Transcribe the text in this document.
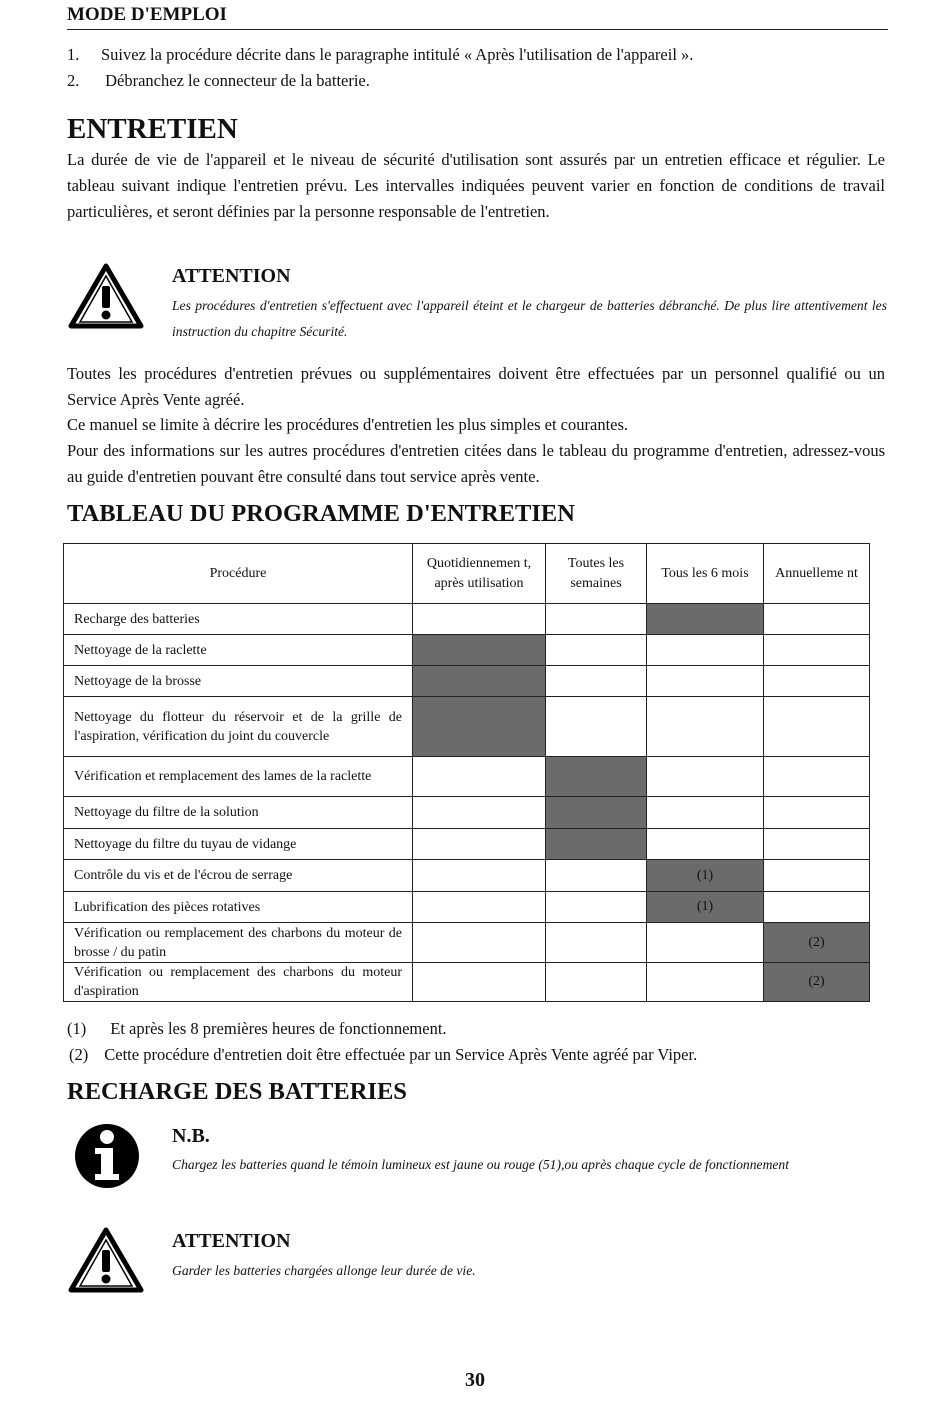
MODE D'EMPLOI
1. Suivez la procédure décrite dans le paragraphe intitulé « Après l'utilisation de l'appareil ».
2. Débranchez le connecteur de la batterie.
ENTRETIEN
La durée de vie de l'appareil et le niveau de sécurité d'utilisation sont assurés par un entretien efficace et régulier. Le tableau suivant indique l'entretien prévu. Les intervalles indiquées peuvent varier en fonction de conditions de travail particulières, et seront définies par la personne responsable de l'entretien.
ATTENTION
Les procédures d'entretien s'effectuent avec l'appareil éteint et le chargeur de batteries débranché. De plus lire attentivement les instruction du chapitre Sécurité.
Toutes les procédures d'entretien prévues ou supplémentaires doivent être effectuées par un personnel qualifié ou un Service Après Vente agréé.
Ce manuel se limite à décrire les procédures d'entretien les plus simples et courantes.
Pour des informations sur les autres procédures d'entretien citées dans le tableau du programme d'entretien, adressez-vous au guide d'entretien pouvant être consulté dans tout service après vente.
TABLEAU DU PROGRAMME D'ENTRETIEN
Procédure	Quotidiennemen t, après utilisation	Toutes les semaines	Tous les 6 mois	Annuelleme nt
Recharge des batteries				
Nettoyage de la raclette				
Nettoyage de la brosse				
Nettoyage du flotteur du réservoir et de la grille de l'aspiration, vérification du joint du couvercle				
Vérification et remplacement des lames de la raclette				
Nettoyage du filtre de la solution				
Nettoyage du filtre du tuyau de vidange				
Contrôle du vis et de l'écrou de serrage			(1)	
Lubrification des pièces rotatives			(1)	
Vérification ou remplacement des charbons du moteur de brosse / du patin				(2)
Vérification ou remplacement des charbons du moteur d'aspiration				(2)
(1) Et après les 8 premières heures de fonctionnement.
(2) Cette procédure d'entretien doit être effectuée par un Service Après Vente agréé par Viper.
RECHARGE DES BATTERIES
N.B.
Chargez les batteries quand le témoin lumineux est jaune ou rouge (51),ou après chaque cycle de fonctionnement
ATTENTION
Garder les batteries chargées allonge leur durée de vie.
30
